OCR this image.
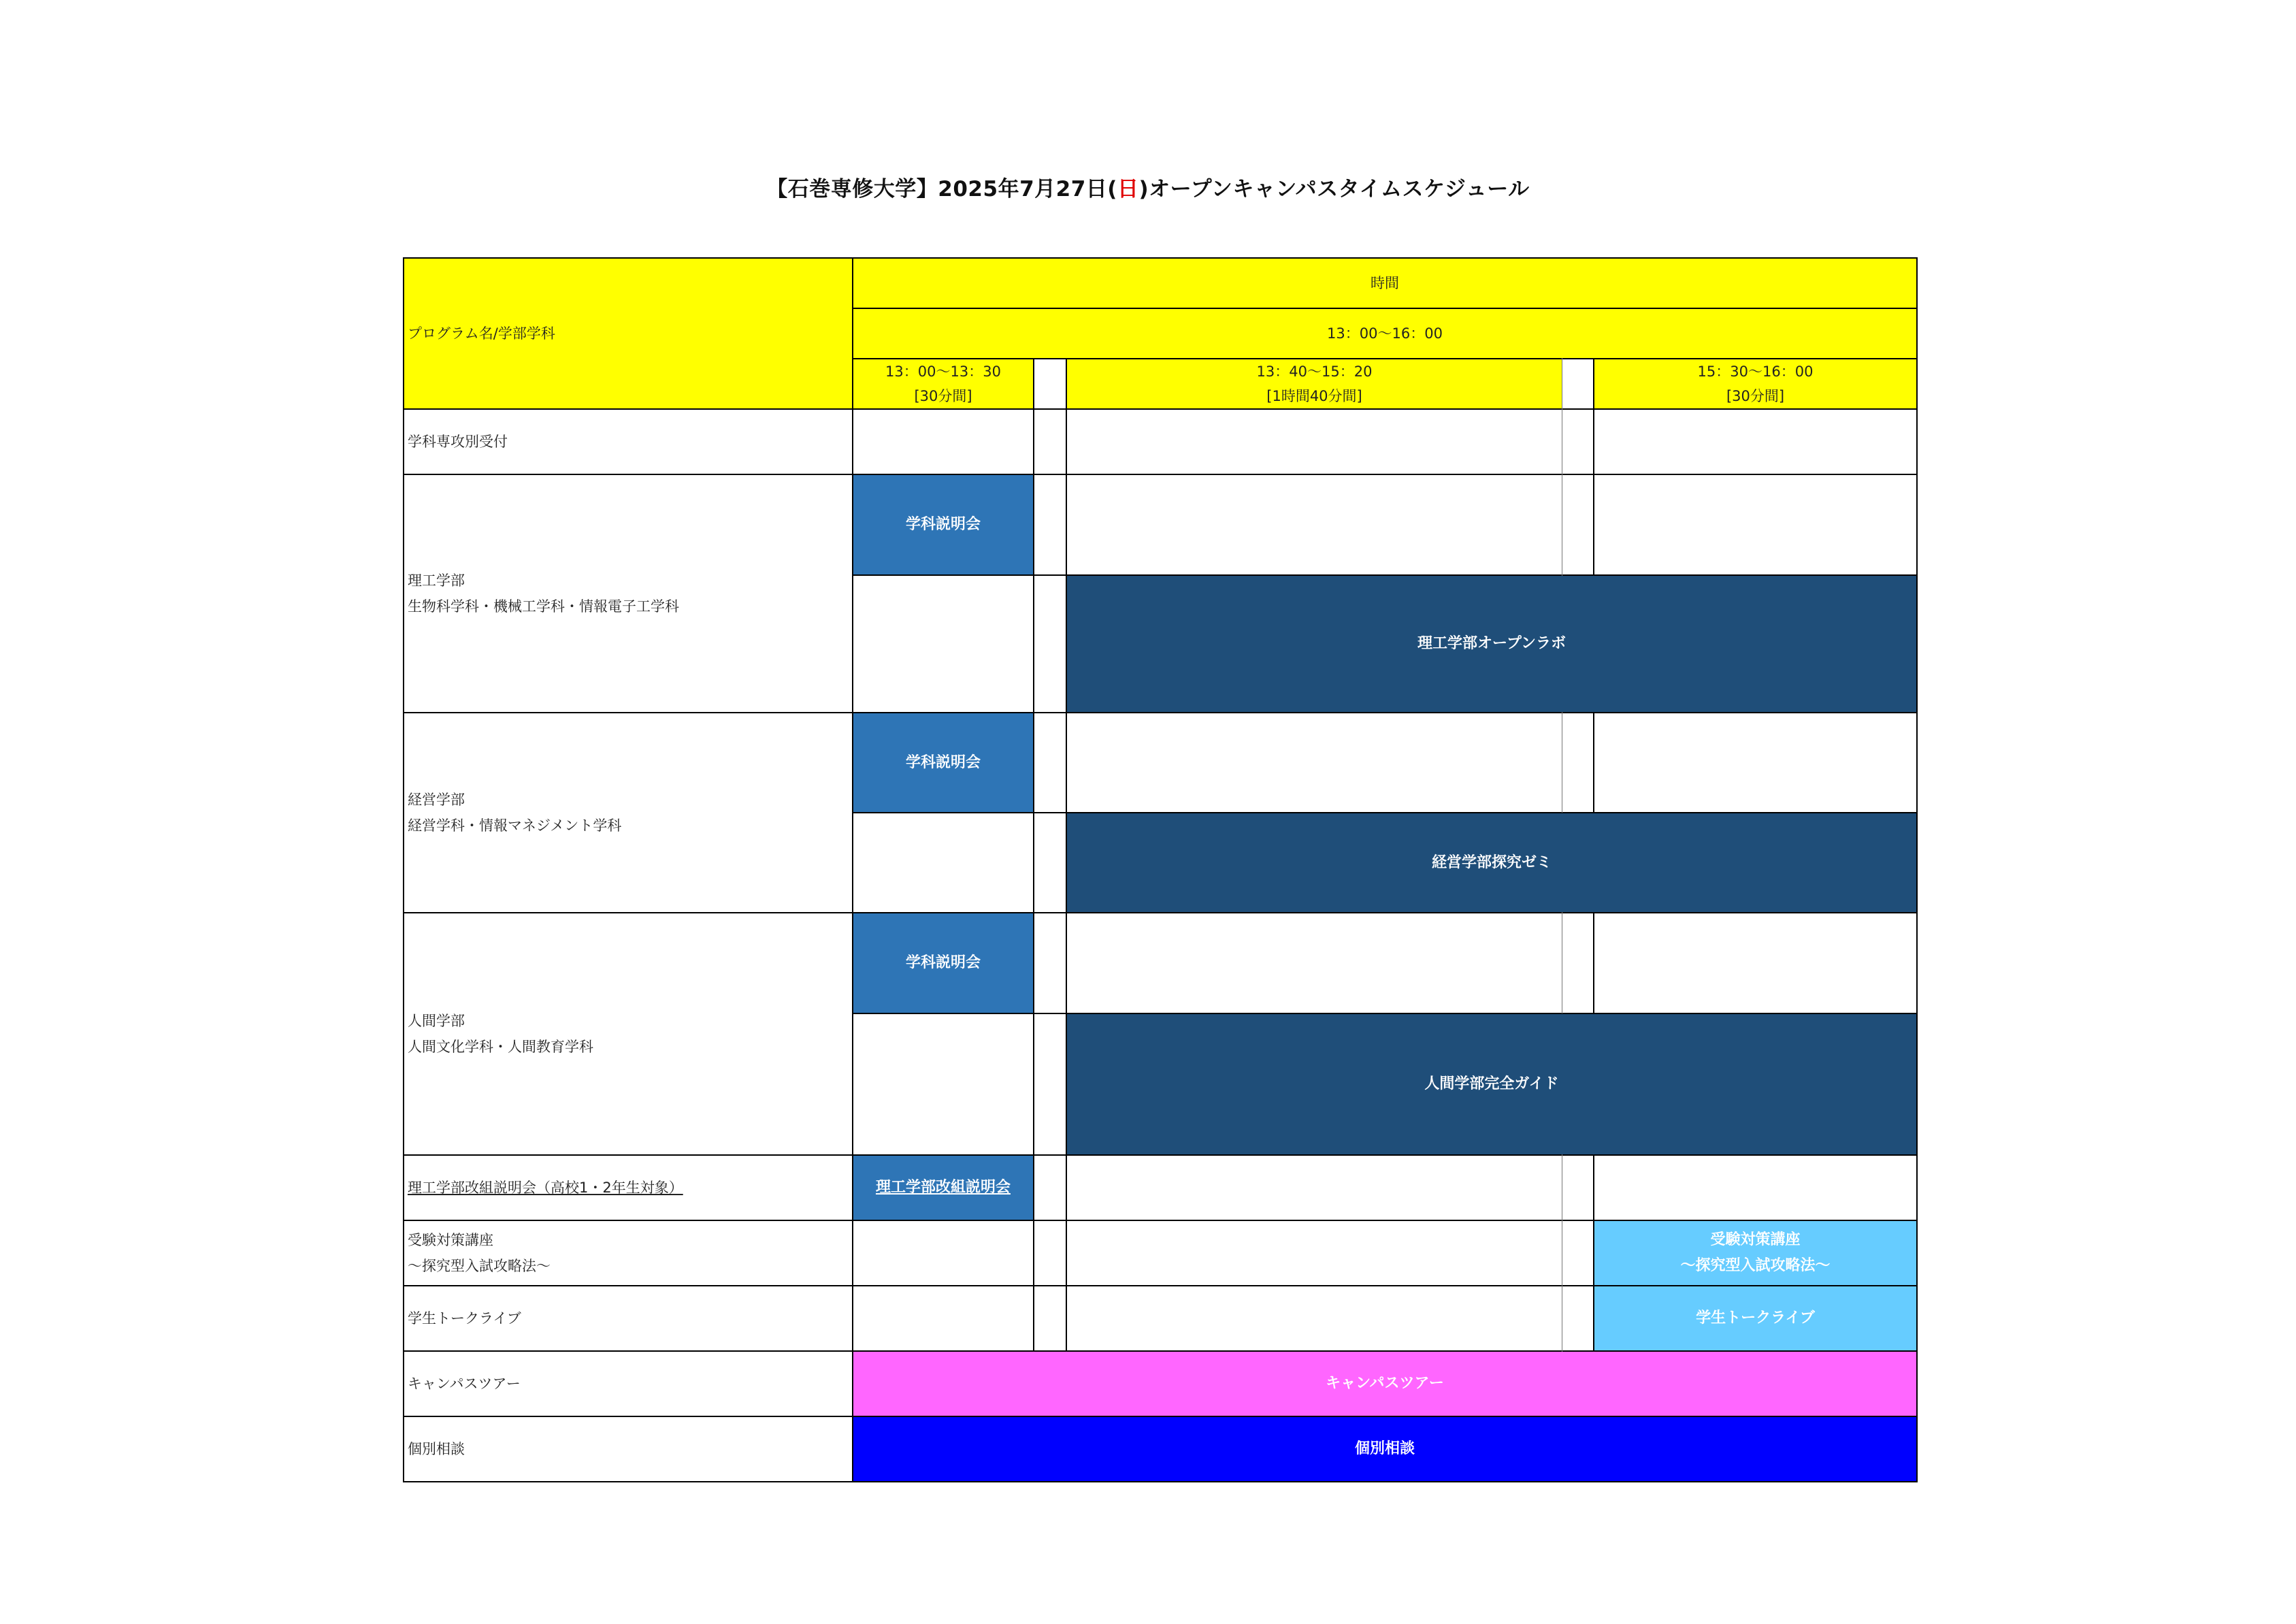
【石巻専修大学】2025年7月27日(日)オープンキャンパスタイムスケジュール
プログラム名/学部学科
時間
13：00〜16：00
13：00〜13：30
[30分間]
13：40〜15：20
[1時間40分間]
15：30〜16：00
[30分間]
学科専攻別受付
理工学部
生物科学科・機械工学科・情報電子工学科
経営学部
経営学科・情報マネジメント学科
人間学部
人間文化学科・人間教育学科
理工学部改組説明会（高校1・2年生対象）
受験対策講座
〜探究型入試攻略法〜
学生トークライブ
キャンパスツアー
個別相談
学科説明会
理工学部オープンラボ
学科説明会
経営学部探究ゼミ
学科説明会
人間学部完全ガイド
理工学部改組説明会
受験対策講座
〜探究型入試攻略法〜
学生トークライブ
キャンパスツアー
個別相談
